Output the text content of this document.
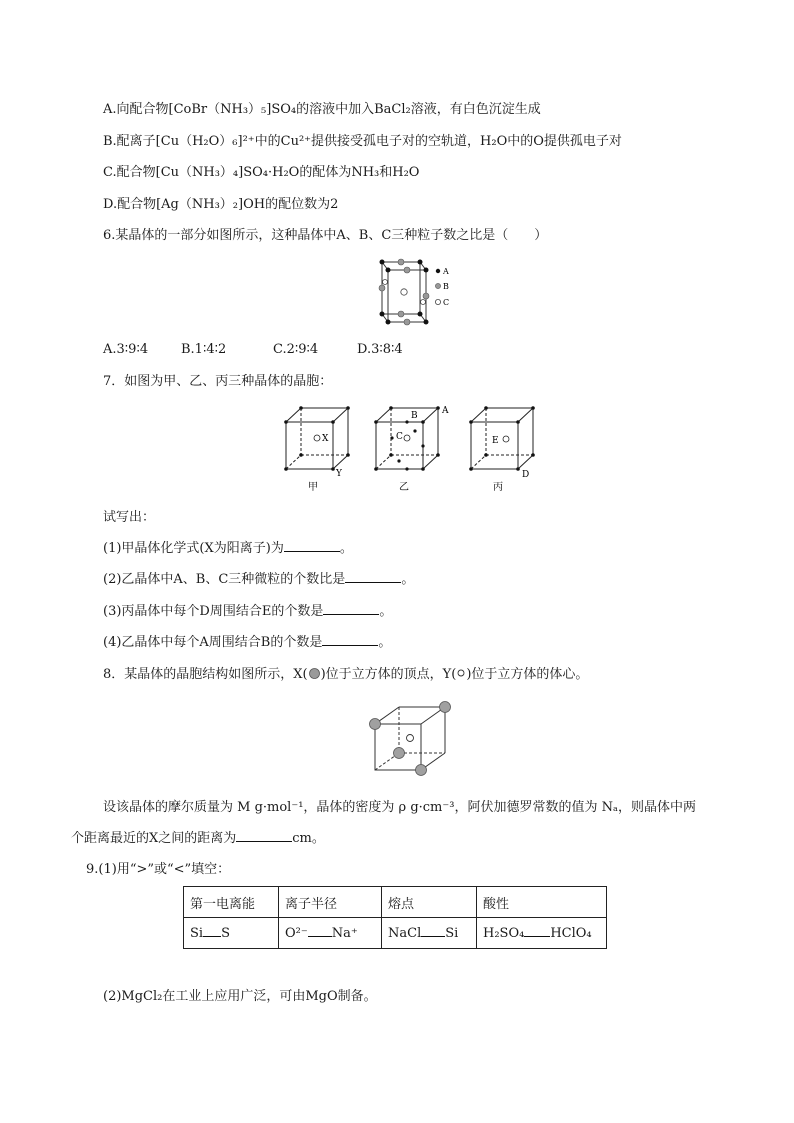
A.向配合物[CoBr（NH₃）₅]SO₄的溶液中加入BaCl₂溶液，有白色沉淀生成
B.配离子[Cu（H₂O）₆]²⁺中的Cu²⁺提供接受孤电子对的空轨道，H₂O中的O提供孤电子对
C.配合物[Cu（NH₃）₄]SO₄·H₂O的配体为NH₃和H₂O
D.配合物[Ag（NH₃）₂]OH的配位数为2
6.某晶体的一部分如图所示，这种晶体中A、B、C三种粒子数之比是（　　）
A
B
C
A.3∶9∶4	B.1∶4∶2	C.2∶9∶4	D.3∶8∶4
7．如图为甲、乙、丙三种晶体的晶胞：
X
Y
甲
B
C
A
乙
E
D
丙
试写出：
(1)甲晶体化学式(X为阳离子)为	。
(2)乙晶体中A、B、C三种微粒的个数比是	。
(3)丙晶体中每个D周围结合E的个数是	。
(4)乙晶体中每个A周围结合B的个数是	。
8．某晶体的晶胞结构如图所示，X( )位于立方体的顶点，Y( )位于立方体的体心。
设该晶体的摩尔质量为 M g·mol⁻¹，晶体的密度为 ρ g·cm⁻³，阿伏加德罗常数的值为 Nₐ，则晶体中两
个距离最近的X之间的距离为	cm。
9.(1)用“>”或“<”填空：
第一电离能	离子半径	熔点	酸性
Si S	O²⁻ Na⁺	NaCl Si	H₂SO₄ HClO₄
(2)MgCl₂在工业上应用广泛，可由MgO制备。
